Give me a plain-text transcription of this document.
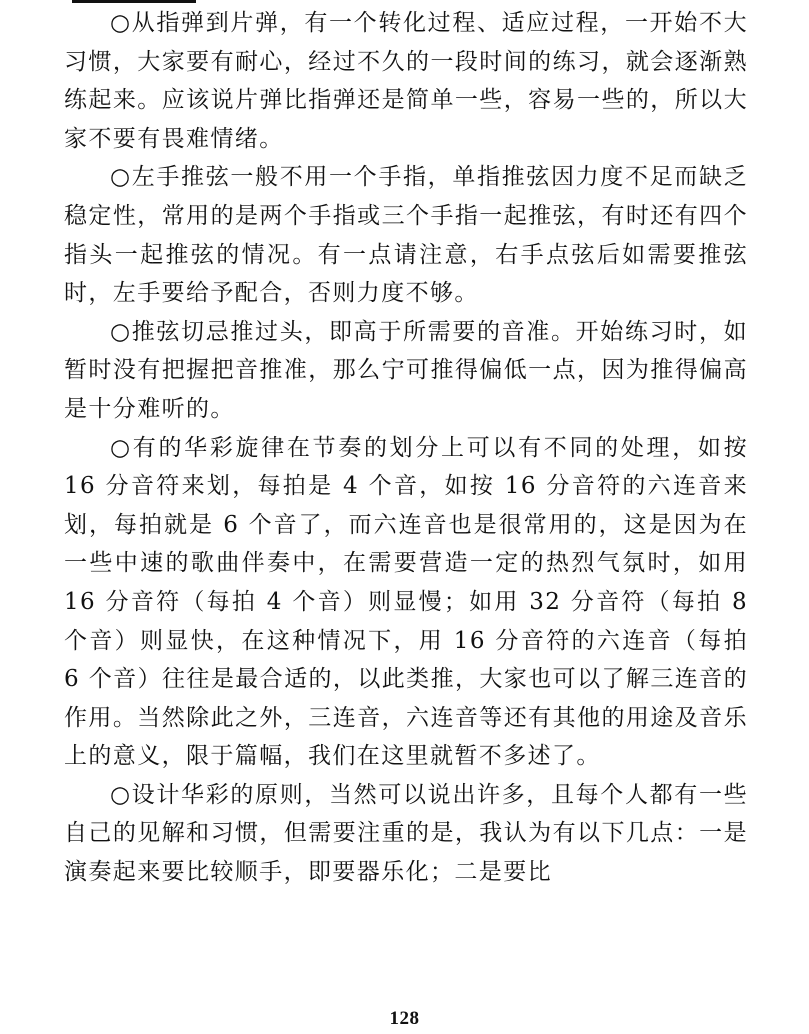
○从指弹到片弹，有一个转化过程、适应过程，一开始不大习惯，大家要有耐心，经过不久的一段时间的练习，就会逐渐熟练起来。应该说片弹比指弹还是简单一些，容易一些的，所以大家不要有畏难情绪。

○左手推弦一般不用一个手指，单指推弦因力度不足而缺乏稳定性，常用的是两个手指或三个手指一起推弦，有时还有四个指头一起推弦的情况。有一点请注意，右手点弦后如需要推弦时，左手要给予配合，否则力度不够。

○推弦切忌推过头，即高于所需要的音准。开始练习时，如暂时没有把握把音推准，那么宁可推得偏低一点，因为推得偏高是十分难听的。

○有的华彩旋律在节奏的划分上可以有不同的处理，如按 16 分音符来划，每拍是 4 个音，如按 16 分音符的六连音来划，每拍就是 6 个音了，而六连音也是很常用的，这是因为在一些中速的歌曲伴奏中，在需要营造一定的热烈气氛时，如用 16 分音符（每拍 4 个音）则显慢；如用 32 分音符（每拍 8 个音）则显快，在这种情况下，用 16 分音符的六连音（每拍 6 个音）往往是最合适的，以此类推，大家也可以了解三连音的作用。当然除此之外，三连音，六连音等还有其他的用途及音乐上的意义，限于篇幅，我们在这里就暂不多述了。

○设计华彩的原则，当然可以说出许多，且每个人都有一些自己的见解和习惯，但需要注重的是，我认为有以下几点：一是演奏起来要比较顺手，即要器乐化；二是要比

128
